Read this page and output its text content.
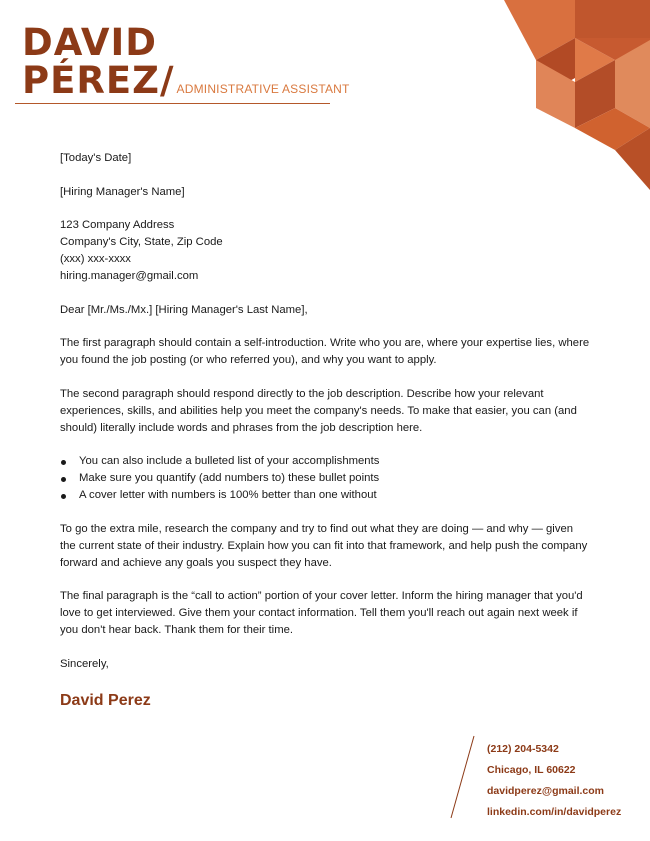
DAVID
PÉREZ/ ADMINISTRATIVE ASSISTANT

[Today's Date]

[Hiring Manager's Name]

123 Company Address

Company's City, State, Zip Code

(xxx) xxx-xxxx

hiring.manager@gmail.com

Dear [Mr./Ms./Mx.] [Hiring Manager's Last Name],

The first paragraph should contain a self-introduction. Write who you are, where your expertise lies, where you found the job posting (or who referred you), and why you want to apply.

The second paragraph should respond directly to the job description. Describe how your relevant experiences, skills, and abilities help you meet the company's needs. To make that easier, you can (and should) literally include words and phrases from the job description here.

You can also include a bulleted list of your accomplishments
Make sure you quantify (add numbers to) these bullet points
A cover letter with numbers is 100% better than one without

To go the extra mile, research the company and try to find out what they are doing — and why — given the current state of their industry. Explain how you can fit into that framework, and help push the company forward and achieve any goals you suspect they have.

The final paragraph is the “call to action” portion of your cover letter. Inform the hiring manager that you'd love to get interviewed. Give them your contact information. Tell them you'll reach out again next week if you don't hear back. Thank them for their time.

Sincerely,

David Perez
(212) 204-5342
Chicago, IL 60622
davidperez@gmail.com
linkedin.com/in/davidperez
